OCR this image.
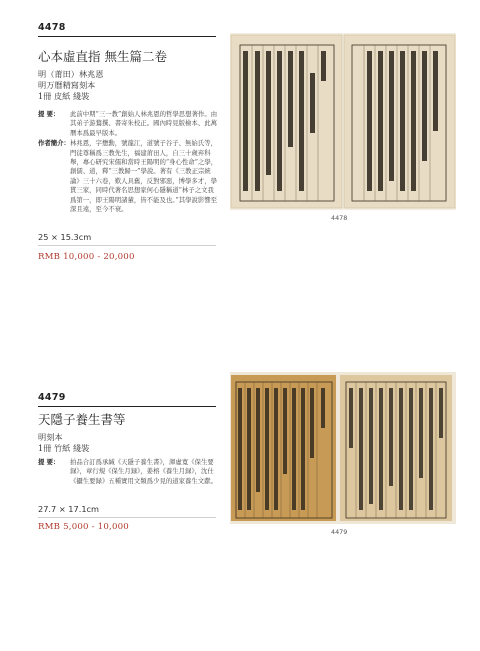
4478
心本虛直指 無生篇二卷
明（莆田）林兆恩
明万曆精寫刻本
1冊 皮紙 綫裝
提 要：	此前中期“三一教”創始人林兆恩的哲學思想著作。由其弟子游鶩撰、書寄朱校正。國內時見版檢本、此萬曆本爲最早版本。
作者簡介： 林兆恩，字懋勳，號龍江，道號子谷子、無始氏等，門徒尊稱爲三教先生，福建莆田人，自三十歲弃科舉，專心研究宋儒和當時王陽明的“身心性命”之學，創儒、道，釋“三教歸一”學說。著有《三教正宗統論》三十六卷，歎人具舊，反對邪惡，博學多才，學貫三家，同時代著名思想家何心隱稱道“林子之文我爲第一，即王陽明諸輩，皆不能及也。”其學說影響至深且遠，至今不衰。
25 × 15.3cm
RMB 10,000 - 20,000
4478
4479
天隱子養生書等
明刻本
1冊 竹紙 綫裝
提 要：	拍品合訂爲承緘《天隱子養生書》，渾虛寬《保生要録》，章行規《保生月録》，姜榕《養生月録》，沈仕《攝生要録》五種實用文類爲少見的道家養生文獻。
27.7 × 17.1cm
RMB 5,000 - 10,000	4479
